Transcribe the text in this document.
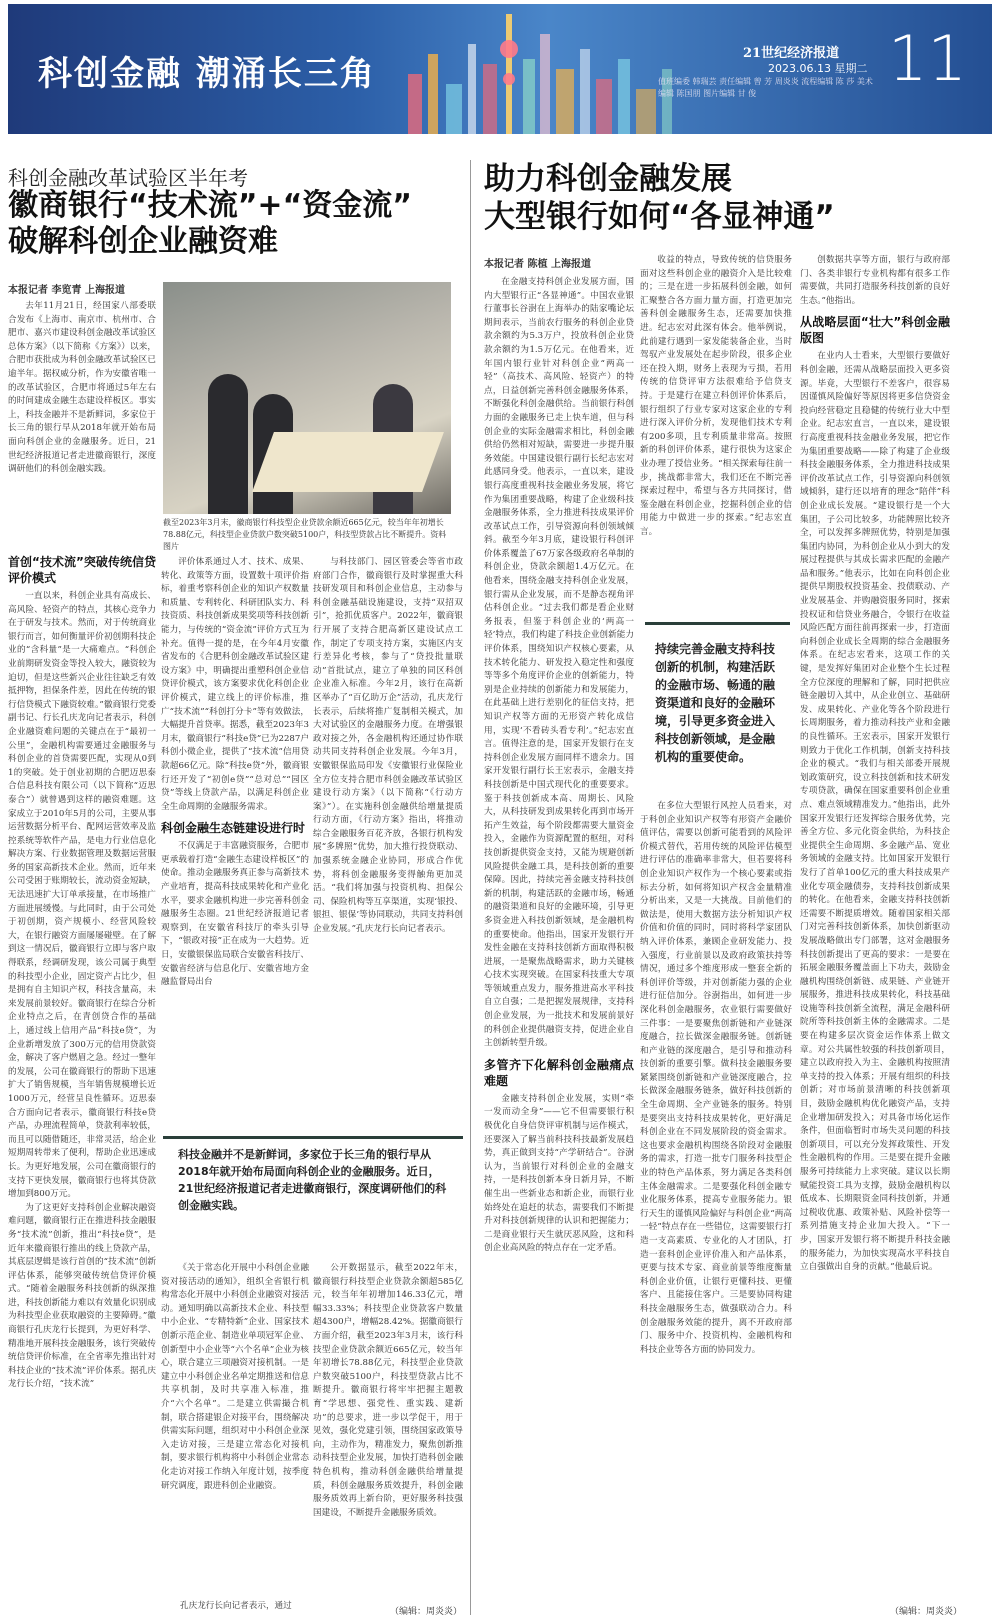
科创金融 潮涌长三角
21世纪经济报道
2023.06.13 星期二
值班编委 韩瑞芸 责任编辑 曾 芳 周炎炎 流程编辑 陈 莎 美术编辑 陈国朋 图片编辑 甘 俊	11
科创金融改革试验区半年考
徽商银行“技术流”+“资金流”
破解科创企业融资难
本报记者 李览青 上海报道

去年11月21日，经国家八部委联合发布《上海市、南京市、杭州市、合肥市、嘉兴市建设科创金融改革试验区总体方案》（以下简称《方案》）以来，合肥市获批成为科创金融改革试验区已逾半年。据权威分析，作为安徽省唯一的改革试验区，合肥市将通过5年左右的时间建成金融生态建设样板区。事实上，科技金融并不是新鲜词，多家位于长三角的银行早从2018年就开始布局面向科创企业的金融服务。近日，21世纪经济报道记者走进徽商银行，深度调研他们的科创金融实践。

截至2023年3月末，徽商银行科技型企业贷款余额近665亿元，较当年年初增长78.88亿元，科技型企业贷款户数突破5100户，科技型贷款占比不断提升。资料图片
首创“技术流”突破传统信贷评价模式

一直以来，科创企业具有高成长、高风险、轻资产的特点，其核心竞争力在于研发与技术。然而，对于传统商业银行而言，如何衡量评价初创期科技企业的“含科量”是一大痛难点。“科创企业前期研发资金等投入较大，融资较为迫切，但是这些新兴企业往往缺乏有效抵押物，担保条件差，因此在传统的银行信贷模式下融资较难。”徽商银行党委副书记、行长孔庆龙向记者表示，科创企业融资难问题的关键点在于“最初一公里”，金融机构需要通过金融服务与科创企业的首贷需要匹配，实现从0到1的突破。处于创业初期的合肥迈思泰合信息科技有限公司（以下简称“迈思泰合”）就曾遇到这样的融资难题。这家成立于2010年5月的公司，主要从事运营数据分析平台、配网运营效率及监控系统等软件产品，是电力行业信息化解决方案、行业数据管理及数据运营服务的国家高新技术企业。然而，近年来公司受困于账期较长，流动资金短缺，无法迅速扩大订单承接量，在市场推广方面进展缓慢。与此同时，由于公司处于初创期，资产规模小、经营风险较大，在银行融资方面屡屡碰壁。在了解到这一情况后，徽商银行立即与客户取得联系，经调研发现，该公司属于典型的科技型小企业，固定资产占比少，但是拥有自主知识产权，科技含量高，未来发展前景较好。徽商银行在综合分析企业特点之后，在青创贷合作的基础上，通过线上信用产品“科技e贷”，为企业新增发放了300万元的信用贷款资金，解决了客户燃眉之急。经过一整年的发展，公司在徽商银行的帮助下迅速扩大了销售规模，当年销售规模增长近1000万元，经营呈良性循环。迈思泰合方面向记者表示，徽商银行科技e贷产品，办理流程简单，贷款利率较低，而且可以随借随还，非常灵活，给企业短期周转带来了便利，帮助企业迅速成长。为更好地发展，公司在徽商银行的支持下更快发展，徽商银行也将其贷款增加到800万元。

为了这更好支持科创企业解决融资难问题，徽商银行正在推进科技金融服务“技术流”创新，推出“科技e贷”，是近年来徽商银行推出的线上贷款产品，其底层逻辑是该行首创的“技术流”创新评估体系，能够突破传统信贷评价模式。“随着金融服务科技创新的纵深推进，科技创新能力难以有效量化识别成为科技型企业获取融资的主要障碍。”徽商银行孔庆龙行长提到，为更好科学、精准地开展科技金融服务，该行突破传统信贷评价标准，在全省率先推出针对科技企业的“技术流”评价体系。据孔庆龙行长介绍，“技术流”

评价体系通过人才、技术、成果、转化、政策等方面，设置数十项评价指标，着重考察科创企业的知识产权数量和质量、专利转化、科研团队实力、科技资质、科技创新成果奖项等科技创新能力，与传统的“资金流”评价方式互为补充。值得一提的是，在今年4月安徽省发布的《合肥科创金融改革试验区建设方案》中，明确提出重塑科创企业信贷评价模式，该方案要求优化科创企业评价模式，建立线上的评价标准，推广“技术流”“科创打分卡”等有效做法，大幅提升首贷率。据悉，截至2023年3月末，徽商银行“科技e贷”已为2287户科创小微企业，提供了“技术流”信用贷款超66亿元。除“科技e贷”外，徽商银行还开发了“初创e贷”“总对总”“园区贷”等线上贷款产品，以满足科创企业全生命周期的金融服务需求。

科创金融生态链建设进行时

不仅满足于丰富融资服务，合肥市更承载着打造“金融生态建设样板区”的使命。推动金融服务真正参与高新技术产业培育，提高科技成果转化和产业化水平，要求金融机构进一步完善科创金融服务生态圈。21世纪经济报道记者观察到，在安徽省科技厅的牵头引导下，“银政对接”正在成为一大趋势。近日，安徽银保监局联合安徽省科技厅、安徽省经济与信息化厅、安徽省地方金融监督局出台

与科技部门、园区管委会等省市政府部门合作，徽商银行及时掌握重大科技研发项目和科创企业信息，主动参与科创金融基础设施建设，支持“双招双引”，抢抓优质客户。2022年，徽商银行开展了支持合肥高新区建设试点工作，制定了专项支持方案，实施区内支行差异化考核，参与了“贷投批量联动”首批试点，建立了单独的同区科创企业准入标准。今年2月，该行在高新区举办了“百亿助万企”活动，孔庆龙行长表示，后续将推广复制相关模式，加大对试验区的金融服务力度。在增强银政对接之外，各金融机构还通过协作联动共同支持科创企业发展。今年3月，安徽银保监局印发《安徽银行业保险业全方位支持合肥市科创金融改革试验区建设行动方案》（以下简称“《行动方案》”）。在实施科创金融供给增量提质行动方面，《行动方案》指出，将推动综合金融服务百花齐放，各银行机构发展“多牌照”优势，加大推行投贷联动、加强系统金融企业协同，形成合作优势，将科创金融服务变得触角更加灵活。“我们将加强与投资机构、担保公司、保险机构等互享渠道，实现‘银投、银担、银保’等协同联动，共同支持科创企业发展。”孔庆龙行长向记者表示。

科技金融并不是新鲜词，多家位于长三角的银行早从2018年就开始布局面向科创企业的金融服务。近日，21世纪经济报道记者走进徽商银行，深度调研他们的科创金融实践。

《关于常态化开展中小科创企业融资对接活动的通知》，组织全省银行机构常态化开展中小科创企业融资对接活动。通知明确以高新技术企业、科技型中小企业、“专精特新”企业、国家技术创新示范企业、制造业单项冠军企业、创新型中小企业等“六个名单”企业为核心，联合建立三项融资对接机制。一是建立中小科创企业名单定期推送和信息共享机制，及时共享准入标准，推介“六个名单”。二是建立供需撮合机制，联合搭建银企对接平台，围绕解决供需实际问题，组织对中小科创企业深入走访对接，三是建立常态化对接机制，要求银行机构将中小科创企业常态化走访对接工作纳入年度计划，按季度研究调度，跟进科创企业融资。

公开数据显示，截至2022年末，徽商银行科技型企业贷款余额超585亿元，较当年年初增加146.33亿元，增幅33.33%；科技型企业贷款客户数量超4300户，增幅28.42%。据徽商银行方面介绍，截至2023年3月末，该行科技型企业贷款余额近665亿元，较当年年初增长78.88亿元，科技型企业贷款户数突破5100户，科技型贷款占比不断提升。徽商银行将牢牢把握主题教育“学思想、强党性、重实践、建新功”的总要求，进一步以学促干，用于见效，强化党建引领，围绕国家政策导向，主动作为，精准发力，聚焦创新推动科技型企业发展，加快打造科创金融特色机构，推动科创金融供给增量提质，科创金融服务质效提升，科创金融服务质效再上新台阶，更好服务科技强国建设，不断提升金融服务质效。

（编辑：周炎炎）
孔庆龙行长向记者表示，通过
助力科创金融发展
大型银行如何“各显神通”
本报记者 陈植 上海报道

在金融支持科创企业发展方面，国内大型银行正“各显神通”。中国农业银行董事长谷澍在上海举办的陆家嘴论坛期间表示，当前农行服务的科创企业贷款余额约为5.3万户，投放科创企业贷款余额约为1.5万亿元。在他看来，近年国内银行业针对科创企业“两高一轻”（高技术、高风险、轻资产）的特点，日益创新完善科创金融服务体系，不断强化科创金融供给。当前银行科创力面的金融服务已走上快车道，但与科创企业的实际金融需求相比，科创金融供给仍然相对短缺，需要进一步提升服务效能。中国建设银行副行长纪志宏对此感同身受。他表示，一直以来，建设银行高度重视科技金融业务发展，将它作为集团重要战略，构建了企业级科技金融服务体系，全力推进科技成果评价改革试点工作，引导资源向科创领域倾斜。截至今年3月底，建设银行科创评价体系覆盖了67万家各级政府名单制的科创企业，贷款余额超1.4万亿元。在他看来，围绕金融支持科创企业发展，银行需从企业发展，而不是静态视角评估科创企业。“过去我们都是看企业财务报表，但鉴于科创企业的‘两高一轻’特点，我们构建了科技企业创新能力评价体系，围绕知识产权核心要素，从技术转化能力、研发投入稳定性和强度等等多个角度评价企业的创新能力，特别是企业持续的创新能力和发展能力，在此基础上进行差别化的征信支持，把知识产权等方面的无形资产转化成信用，实现‘不看砖头看专利’。”纪志宏直言。值得注意的是，国家开发银行在支持科创企业发展方面同样不遗余力。国家开发银行副行长王宏表示，金融支持科技创新是中国式现代化的重要要求。鉴于科技创新成本高、周期长、风险大，从科技研发到成果转化再到市场开拓产生效益，每个阶段都需要大量资金投入，金融作为资源配置的枢纽，对科技创新提供资金支持，又能为规避创新风险提供金融工具，是科技创新的重要保障。因此，持续完善金融支持科技创新的机制，构建活跃的金融市场，畅通的融资渠道和良好的金融环境，引导更多资金进入科技创新领域，是金融机构的重要使命。他指出，国家开发银行开发性金融在支持科技创新方面取得积极进展，一是聚焦战略需求，助力关键核心技术实现突破。在国家科技重大专项等领域重点发力，服务推进高水平科技自立自强；二是把握发展规律，支持科创企业发展，为一批技术和发展前景好的科创企业提供融资支持，促进企业自主创新转型升级。

多管齐下化解科创金融痛点难题

金融支持科创企业发展，实则“牵一发而动全身”——它不但需要银行积极优化自身信贷评审机制与运作模式，还要深入了解当前科技科技最新发展趋势，真正做到支持“产学研结合”。谷澍认为，当前银行对科创企业的金融支持，一是科技创新本身日新月异，不断催生出一些新业态和新企业，而银行业始终处在追赶的状态，需要我们不断提升对科技创新规律的认识和把握能力；二是商业银行天生就厌恶风险，这和科创企业高风险的特点存在一定矛盾。

收益的特点，导致传统的信贷服务面对这些科创企业的融资介入是比较难的；三是在进一步拓展科创金融，如何汇聚整合各方面力量方面，打造更加完善科创金融服务生态，还需要加快推进。纪志宏对此深有体会。他举例说，此前建行遇到一家发能装备企业，当时驾驭产业发展处在起步阶段，很多企业还在投入期，财务上表现为亏损，若用传统的信贷评审方法很难给予信贷支持。于是建行在建立科创评价体系后，银行组织了行业专家对这家企业的专利进行深入评价分析，发现他们技术专利有200多项，且专利质量非常高。按照新的科创评价体系，建行很快为这家企业办理了授信业务。“相关探索每往前一步，挑战都非常大，我们还在不断完善探索过程中，希望与各方共同探讨，借鉴金融在科创企业，挖掘科创企业的信用能力中做进一步的探索。”纪志宏直言。

持续完善金融支持科技创新的机制，构建活跃的金融市场、畅通的融资渠道和良好的金融环境，引导更多资金进入科技创新领域，是金融机构的重要使命。

在多位大型银行风控人员看来，对于科创企业知识产权等有形资产金融价值评估，需要以创新可能看到的风险评价模式替代，若用传统的风险评估模型进行评估的准确率非常大，但若要将科创企业知识产权作为一个核心要素或指标去分析，如何将知识产权含金量精准分析出来，又是一大挑战。目前他们的做法是，使用大数据方法分析知识产权价值和价值的同时，同时将科学家团队纳入评价体系，兼顾企业研发能力、投入强度，行业前景以及政府政策扶持等情况，通过多个维度形成一整套全新的科创评价等级，并对创新能力强的企业进行征信加分。谷澍指出，如何进一步深化科创金融服务，农业银行需要做好三件事：一是要聚焦创新链和产业链深度融合，拉长做深金融服务链。创新链和产业链的深度融合，是引导和推动科技创新的重要引擎。做科技金融服务要紧紧围绕创新链和产业链深度融合，拉长做深金融服务链条，做好科技创新的全生命周期、全产业链条的服务。特别是要突出支持科技成果转化，更好满足科创企业在不同发展阶段的资金需求。这也要求金融机构围绕各阶段对金融服务的需求，打造一批专门服务科技型企业的特色产品体系，努力满足各类科创主体金融需求。二是要强化科创金融专业化服务体系，提高专业服务能力。银行天生的谨慎风险偏好与科创企业“两高一轻”特点存在一些错位，这需要银行打造一支高素质、专业化的人才团队，打造一套科创企业评价准入和产品体系，更要与技术专家、商业前景等维度衡量科创企业价值，让银行更懂科技、更懂客户、且能接住客户。三是要协同构建科技金融服务生态，做强联动合力。科创金融服务效能的提升，离不开政府部门、服务中介、投资机构、金融机构和科技企业等各方面的协同发力。

创数据共享等方面，银行与政府部门、各类非银行专业机构都有很多工作需要做，共同打造服务科技创新的良好生态。”他指出。

从战略层面“壮大”科创金融版图

在业内人士看来，大型银行要做好科创金融，还需从战略层面投入更多资源。毕竟，大型银行不差客户，很容易因谨慎风险偏好等原因将更多信贷资金投向经营稳定且稳健的传统行业大中型企业。纪志宏直言，一直以来，建设银行高度重视科技金融业务发展，把它作为集团重要战略——除了构建了企业级科技金融服务体系，全力推进科技成果评价改革试点工作，引导资源向科创领域倾斜，建行还以培育的理念“陪伴”科创企业成长发展。“建设银行是一个大集团，子公司比较多，功能牌照比较齐全，可以发挥多牌照优势，特别是加强集团内协同，为科创企业从小到大的发展过程提供与其成长需求匹配的金融产品和服务。”他表示，比如在向科创企业提供早期股权投资基金、投债联动、产业发展基金、并购融资服务同时，探索投权证和信贷业务融合，令银行在收益风险匹配方面往前再探索一步，打造面向科创企业成长全周期的综合金融服务体系。在纪志宏看来，这项工作的关键，是发挥好集团对企业整个生长过程全方位深度的理解和了解，同时把供应链金融切入其中，从企业创立、基础研发、成果转化、产业化等各个阶段进行长周期服务，着力推动科技产业和金融的良性循环。王宏表示，国家开发银行则致力于优化工作机制，创新支持科技企业的模式。“我们与相关部委开展规划政策研究，设立科技创新和技术研发专项贷款，确保在国家重要科创企业重点、难点领域精准发力。”他指出，此外国家开发银行还发挥综合服务优势，完善全方位、多元化资金供给，为科技企业提供全生命周期、多金融产品、宽业务领域的金融支持。比如国家开发银行发行了首单100亿元的重大科技成果产业化专项金融债券，支持科技创新成果的转化。在他看来，金融支持科技创新还需要不断提质增效。随着国家相关部门对完善科技创新体系，加快创新驱动发展战略做出专门部署，这对金融服务科技创新提出了更高的要求：一是要在拓展金融服务覆盖面上下功夫，鼓励金融机构围绕创新链、成果链、产业链开展服务，推进科技成果转化，科技基础设施等科技创新全流程，满足金融科研院所等科技创新主体的金融需求。二是要在构建多层次资金运作体系上做文章。对公共属性较强的科技创新项目，建立以政府投入为主、金融机构按照清单支持的投入体系；开展有组织的科技创新；对市场前景清晰的科技创新项目，鼓励金融机构优化融资产品，支持企业增加研发投入；对具备市场化运作条件，但面临暂时市场失灵问题的科技创新项目，可以充分发挥政策性、开发性金融机构的作用。三是要在提升金融服务可持续能力上求突破。建议以长期赋能投资工具为支撑，鼓励金融机构以低成本、长期限资金同科技创新，并通过税收优惠、政策补贴、风险补偿等一系列措施支持企业加大投入。“下一步，国家开发银行将不断提升科技金融的服务能力，为加快实现高水平科技自立自强做出自身的贡献。”他最后说。

（编辑：周炎炎）
